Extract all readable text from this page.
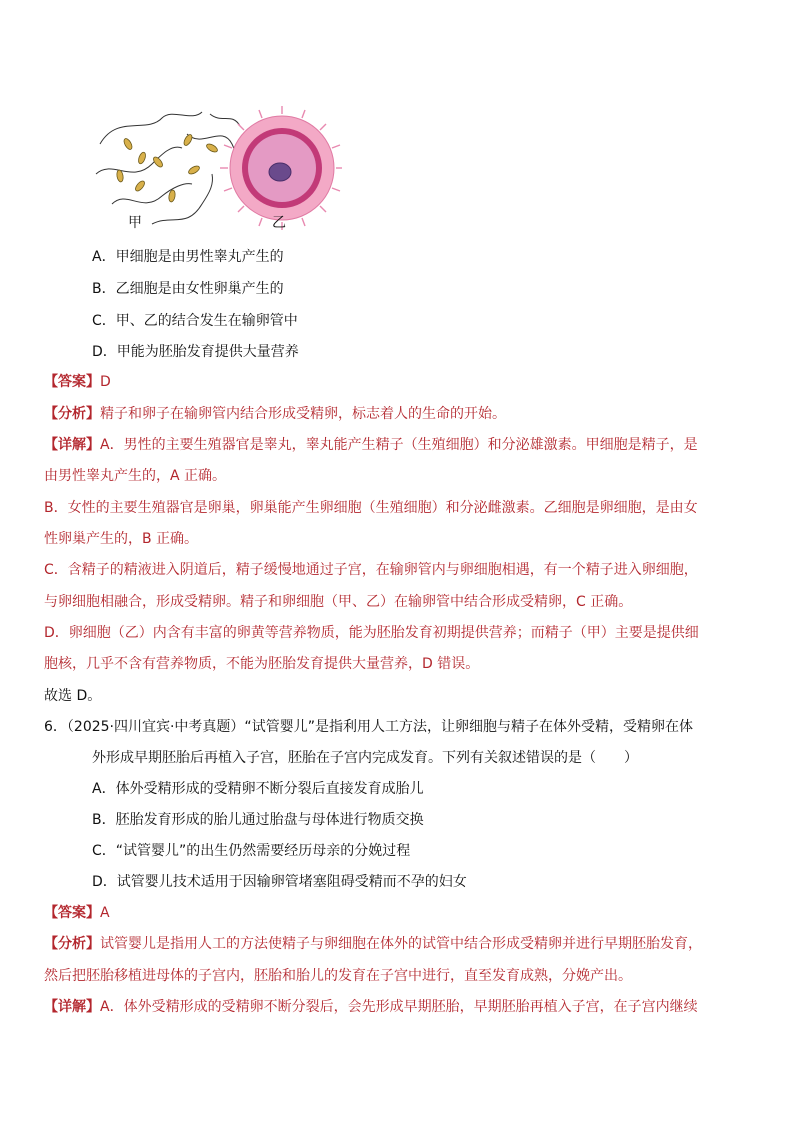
甲	乙
A．甲细胞是由男性睾丸产生的
B．乙细胞是由女性卵巢产生的
C．甲、乙的结合发生在输卵管中
D．甲能为胚胎发育提供大量营养
【答案】D
【分析】精子和卵子在输卵管内结合形成受精卵，标志着人的生命的开始。
【详解】A．男性的主要生殖器官是睾丸，睾丸能产生精子（生殖细胞）和分泌雄激素。甲细胞是精子，是
由男性睾丸产生的，A 正确。
B．女性的主要生殖器官是卵巢，卵巢能产生卵细胞（生殖细胞）和分泌雌激素。乙细胞是卵细胞，是由女
性卵巢产生的，B 正确。
C．含精子的精液进入阴道后，精子缓慢地通过子宫，在输卵管内与卵细胞相遇，有一个精子进入卵细胞，
与卵细胞相融合，形成受精卵。精子和卵细胞（甲、乙）在输卵管中结合形成受精卵，C 正确。
D．卵细胞（乙）内含有丰富的卵黄等营养物质，能为胚胎发育初期提供营养；而精子（甲）主要是提供细
胞核，几乎不含有营养物质，不能为胚胎发育提供大量营养，D 错误。
故选 D。
6．（2025·四川宜宾·中考真题）“试管婴儿”是指利用人工方法，让卵细胞与精子在体外受精，受精卵在体
外形成早期胚胎后再植入子宫，胚胎在子宫内完成发育。下列有关叙述错误的是（　　）
A．体外受精形成的受精卵不断分裂后直接发育成胎儿
B．胚胎发育形成的胎儿通过胎盘与母体进行物质交换
C．“试管婴儿”的出生仍然需要经历母亲的分娩过程
D．试管婴儿技术适用于因输卵管堵塞阻碍受精而不孕的妇女
【答案】A
【分析】试管婴儿是指用人工的方法使精子与卵细胞在体外的试管中结合形成受精卵并进行早期胚胎发育，
然后把胚胎移植进母体的子宫内，胚胎和胎儿的发育在子宫中进行，直至发育成熟，分娩产出。
【详解】A．体外受精形成的受精卵不断分裂后，会先形成早期胚胎，早期胚胎再植入子宫，在子宫内继续
